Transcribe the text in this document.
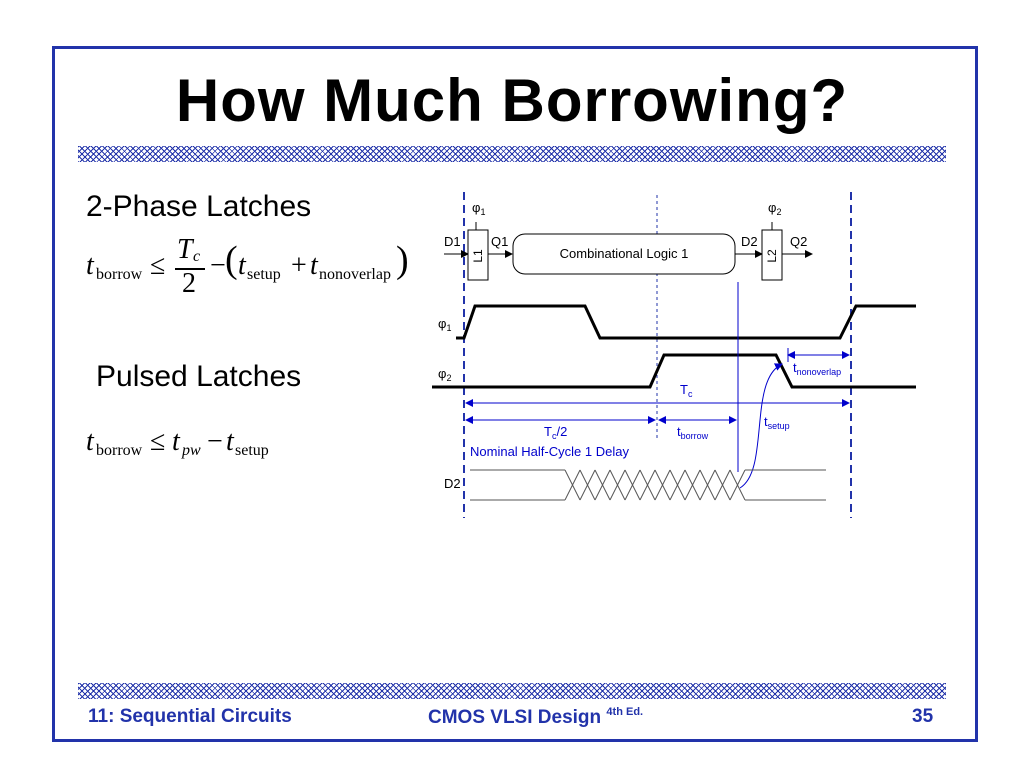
How Much Borrowing?
2-Phase Latches
t borrow ≤
T c
2
− ( t setup + t nonoverlap )
Pulsed Latches
t borrow ≤ t pw − t setup
$\varphi_1$	$\varphi_2$
D1
L1
Q1
Combinational Logic 1
D2
L2
Q2
$\varphi_1$
$\varphi_2$
$T_c$
$t_{nonoverlap}$
$T_c/2$
Nominal Half-Cycle 1 Delay
$t_{borrow}$
$t_{setup}$
D2
11: Sequential Circuits	CMOS VLSI Design $^{4th Ed.}$	35
